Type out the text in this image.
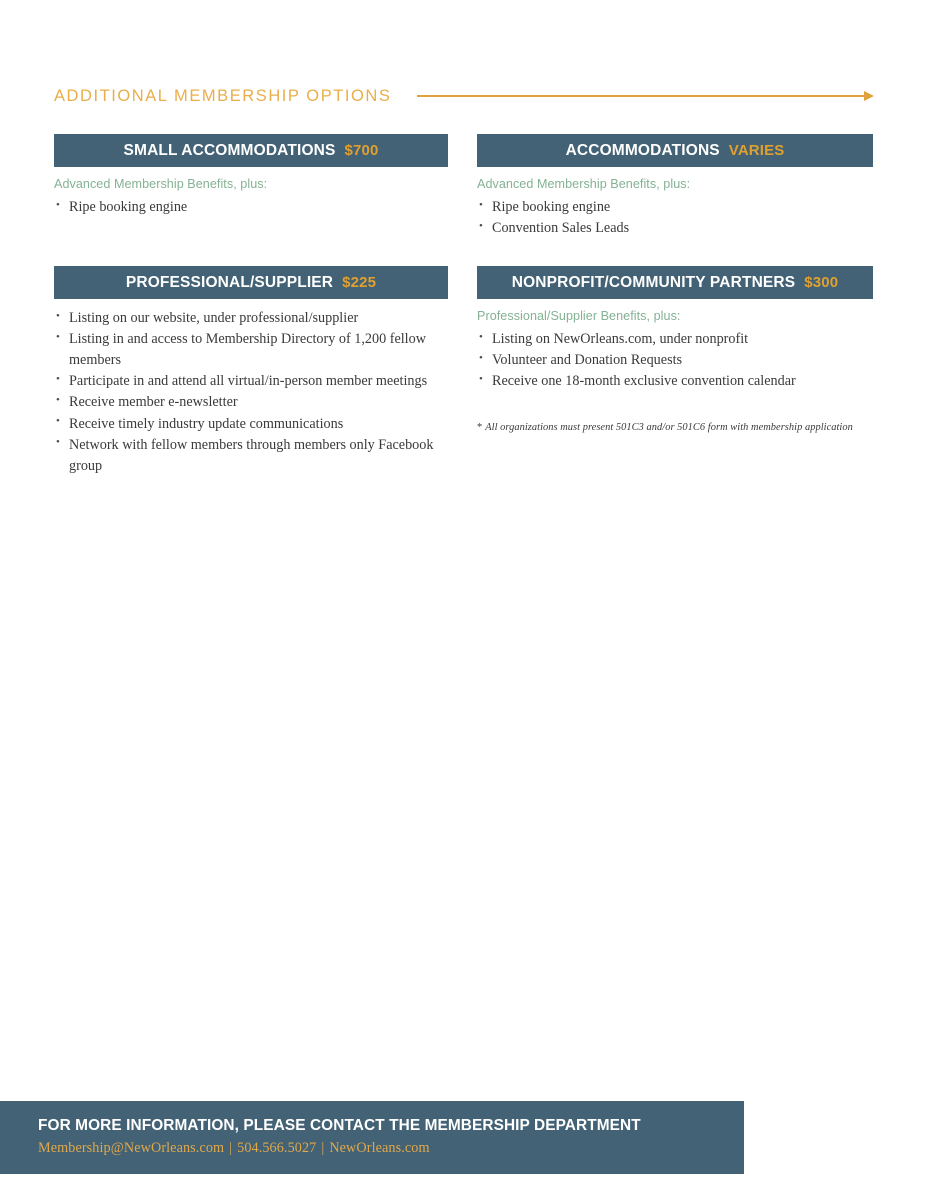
ADDITIONAL MEMBERSHIP OPTIONS
SMALL ACCOMMODATIONS $700

Advanced Membership Benefits, plus:

• Ripe booking engine
ACCOMMODATIONS VARIES

Advanced Membership Benefits, plus:

• Ripe booking engine
• Convention Sales Leads
PROFESSIONAL/SUPPLIER $225
• Listing on our website, under professional/supplier
• Listing in and access to Membership Directory of 1,200 fellow members
• Participate in and attend all virtual/in-person member meetings
• Receive member e-newsletter
• Receive timely industry update communications
• Network with fellow members through members only Facebook group
NONPROFIT/COMMUNITY PARTNERS $300

Professional/Supplier Benefits, plus:

• Listing on NewOrleans.com, under nonprofit
• Volunteer and Donation Requests
• Receive one 18-month exclusive convention calendar
* All organizations must present 501C3 and/or 501C6 form with membership application
FOR MORE INFORMATION, PLEASE CONTACT THE MEMBERSHIP DEPARTMENT
Membership@NewOrleans.com | 504.566.5027 | NewOrleans.com
